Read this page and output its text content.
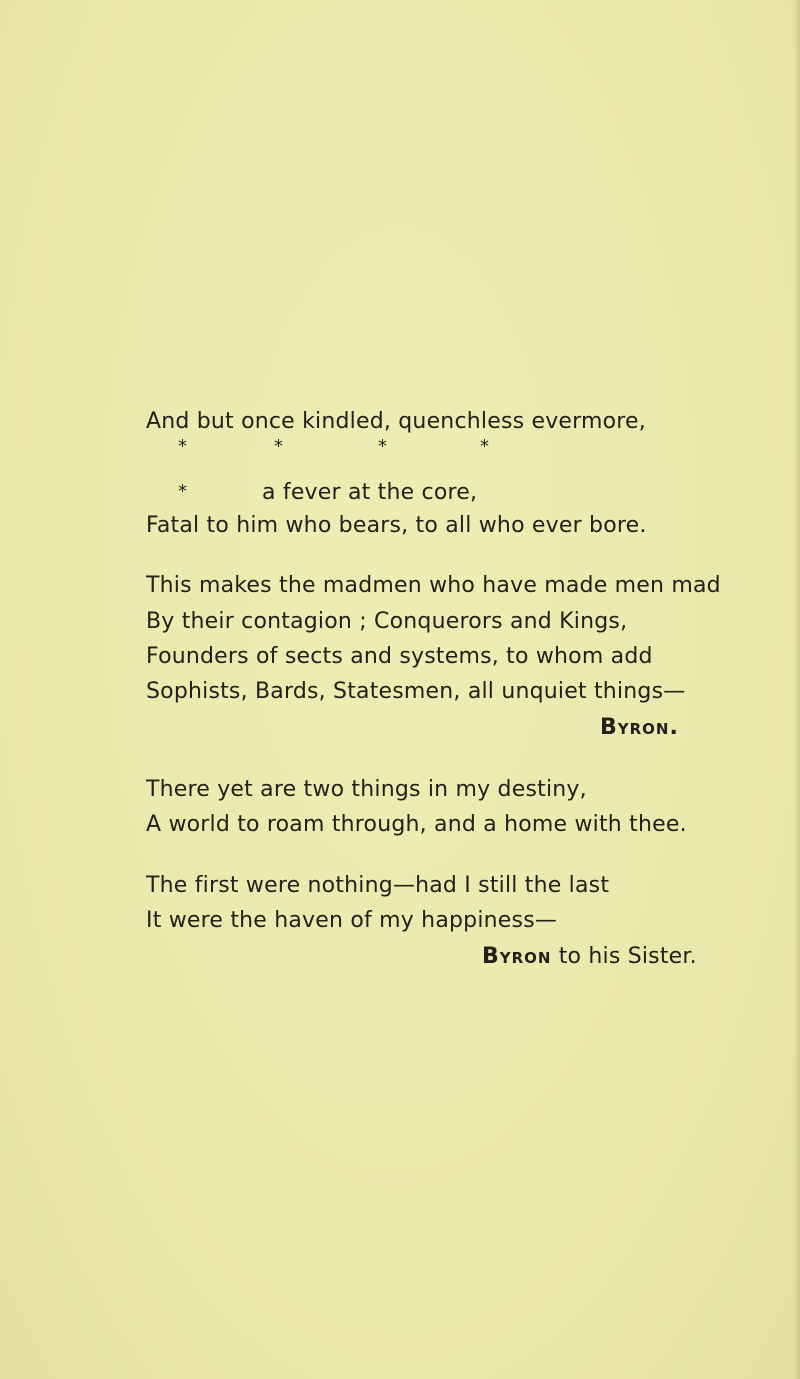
And but once kindled, quenchless evermore,
*	*	*	*
*	a fever at the core,
Fatal to him who bears, to all who ever bore.
This makes the madmen who have made men mad
By their contagion ; Conquerors and Kings,
Founders of sects and systems, to whom add
Sophists, Bards, Statesmen, all unquiet things—
Byron.
There yet are two things in my destiny,
A world to roam through, and a home with thee.
The first were nothing—had I still the last
It were the haven of my happiness—
Byron to his Sister.
